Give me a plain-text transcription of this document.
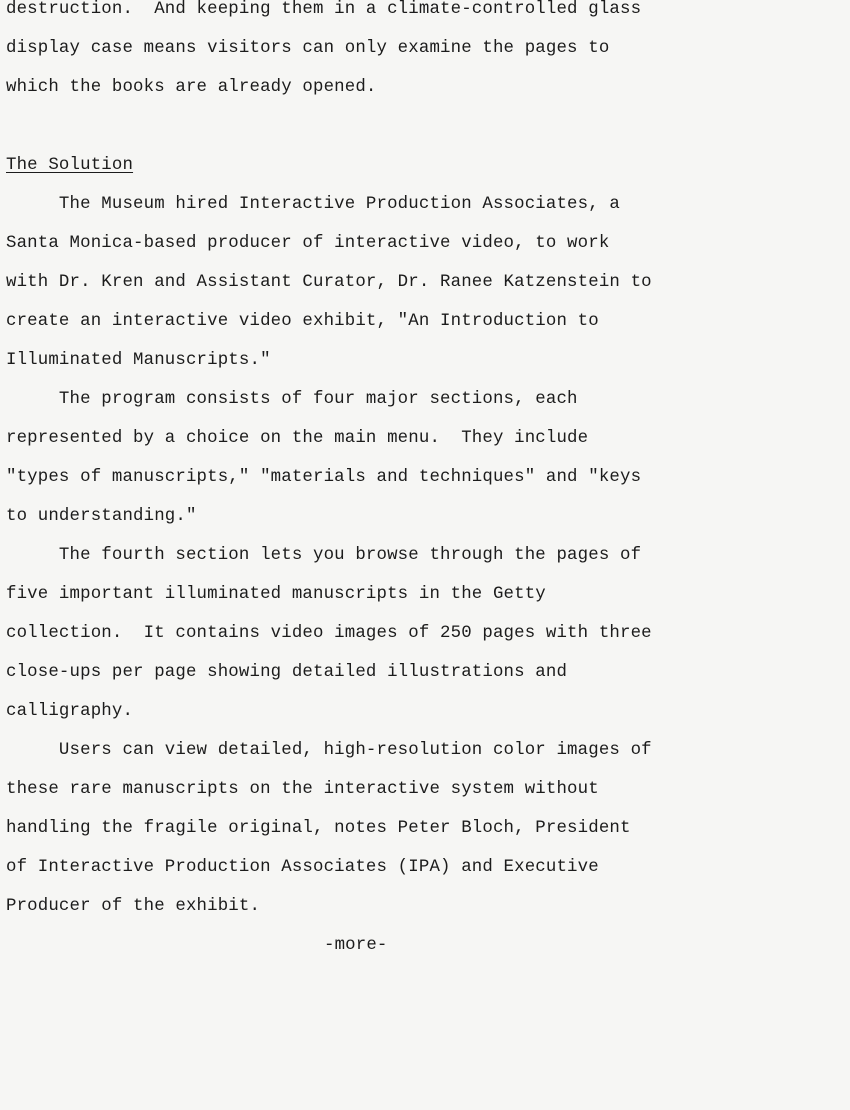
destruction.  And keeping them in a climate-controlled glass
display case means visitors can only examine the pages to
which the books are already opened.
The Solution
The Museum hired Interactive Production Associates, a
Santa Monica-based producer of interactive video, to work
with Dr. Kren and Assistant Curator, Dr. Ranee Katzenstein to
create an interactive video exhibit, "An Introduction to
Illuminated Manuscripts."
The program consists of four major sections, each
represented by a choice on the main menu.  They include
"types of manuscripts," "materials and techniques" and "keys
to understanding."
The fourth section lets you browse through the pages of
five important illuminated manuscripts in the Getty
collection.  It contains video images of 250 pages with three
close-ups per page showing detailed illustrations and
calligraphy.
Users can view detailed, high-resolution color images of
these rare manuscripts on the interactive system without
handling the fragile original, notes Peter Bloch, President
of Interactive Production Associates (IPA) and Executive
Producer of the exhibit.
-more-
